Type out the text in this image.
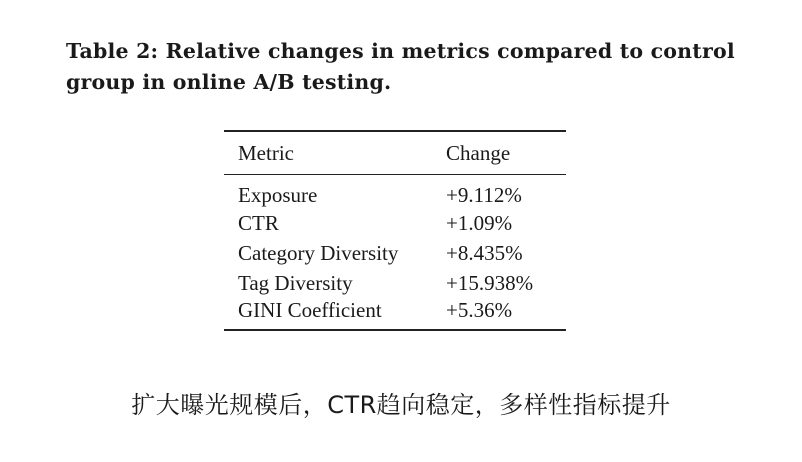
Table 2: Relative changes in metrics compared to control group in online A/B testing.

Metric	Change
Exposure	+9.112%
CTR	+1.09%
Category Diversity	+8.435%
Tag Diversity	+15.938%
GINI Coefficient	+5.36%
扩大曝光规模后，CTR趋向稳定，多样性指标提升
